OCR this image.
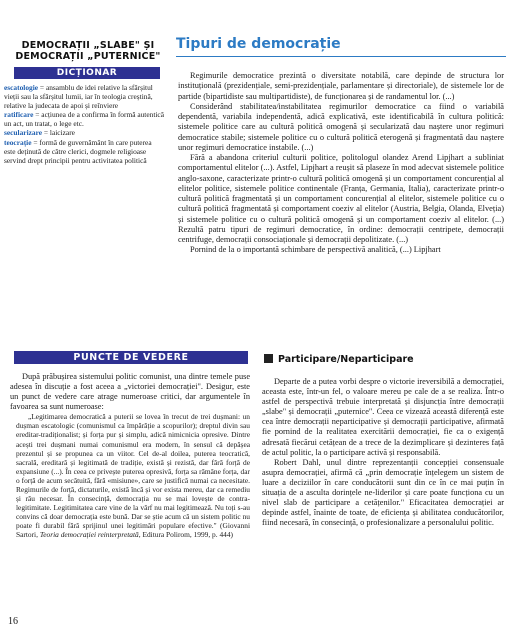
DEMOCRAȚII „SLABE" ȘI
DEMOCRAȚII „PUTERNICE"
DICȚIONAR

escatologie = ansamblu de idei relative la sfârșitul vieții sau la sfârșitul lumii, iar în teologia creștină, relative la judecata de apoi și reînviere

ratificare = acțiunea de a confirma în formă autentică un act, un tratat, o lege etc.

secularizare = laicizare

teocrație = formă de guvernământ în care puterea este deținută de către clerici, dogmele religioase servind drept principii pentru activitatea politică

Tipuri de democrație

Regimurile democratice prezintă o diversitate notabilă, care depinde de structura lor instituțională (prezidențiale, semi-prezidențiale, parlamentare și directoriale), de sistemele lor de partide (bipartidiste sau multipartidiste), de funcționarea și de randamentul lor. (...)

Considerând stabilitatea/instabilitatea regimurilor democratice ca fiind o variabilă dependentă, variabila independentă, adică explicativă, este identificabilă în cultura politică: sistemele politice care au cultură politică omogenă și secularizată dau naștere unor regimuri democratice stabile; sistemele politice cu o cultură politică eterogenă și fragmentată dau naștere unor regimuri democratice instabile. (...)

Fără a abandona criteriul culturii politice, politologul olandez Arend Lipjhart a subliniat comportamentul elitelor (...). Astfel, Lipjhart a reușit să plaseze în mod adecvat sistemele politice anglo-saxone, caracterizate printr-o cultură politică omogenă și un comportament concurențial al elitelor politice, sistemele politice continentale (Franța, Germania, Italia), caracterizate printr-o cultură politică fragmentată și un comportament concurențial al elitelor, sistemele politice cu o cultură politică fragmentată și comportament coeziv al elitelor (Austria, Belgia, Olanda, Elveția) și sistemele politice cu o cultură politică omogenă și un comportament coeziv al elitelor. (...) Rezultă patru tipuri de regimuri democratice, în ordine: democrații centripete, democrații centrifuge, democrații consociaționale și democrații depolitizate. (...)

Pornind de la o importantă schimbare de perspectivă analitică, (...) Lipjhart

PUNCTE DE VEDERE

După prăbușirea sistemului politic comunist, una dintre temele puse adesea în discuție a fost aceea a „victoriei democrației". Desigur, este un punct de vedere care atrage numeroase critici, dar argumentele în favoarea sa sunt numeroase:

„Legitimarea democratică a puterii se lovea în trecut de trei dușmani: un dușman escatologic (comunismul ca împărăție a scopurilor); dreptul divin sau ereditar-tradiționalist; și forța pur și simplu, adică nimicnicia opresive. Dintre acești trei dușmani numai comunismul era modern, în sensul că depășea prezentul și se propunea ca un viitor. Cel de-al doilea, puterea teocratică, sacrală, ereditară și legitimată de tradiție, există și rezistă, dar fără forță de expansiune (...). În ceea ce privește puterea opresivă, forța sa rămâne forța, dar o forță de acum secătuită, fără «misiune», care se justifică numai ca necesitate. Regimurile de forță, dictaturile, există încă și vor exista mereu, dar ca remediu și rău necesar. În consecință, democrația nu se mai lovește de contra-legitimitate. Legitimitatea care vine de la vârf nu mai legitimează. Nu toți s-au convins că doar democrația este bună. Dar se știe acum că un sistem politic nu poate fi durabil fără sprijinul unei legitimări populare efective." (Giovanni Sartori, Teoria democrației reinterpretată, Editura Polirom, 1999, p. 444)

Participare/Neparticipare

Departe de a putea vorbi despre o victorie ireversibilă a democrației, aceasta este, într-un fel, o valoare mereu pe cale de a se realiza. Într-o astfel de perspectivă trebuie interpretată și disjuncția între democrații „slabe" și democrații „puternice". Ceea ce vizează această diferență este cea între democrații neparticipative și democrații participative, afirmată fie pornind de la realitatea exercitării democrației, fie ca o exigență adresată fiecărui cetățean de a trece de la dezimplicare și dezinteres față de actul politic, la o participare activă și responsabilă.

Robert Dahl, unul dintre reprezentanții concepției consensuale asupra democrației, afirmă că „prin democrație înțelegem un sistem de luare a deciziilor în care conducătorii sunt din ce în ce mai puțin în situația de a asculta dorințele ne-liderilor și care poate funcționa cu un nivel slab de participare a cetățenilor." Eficacitatea democrației ar depinde astfel, înainte de toate, de eficiența și abilitatea conducătorilor, fiind necesară, în consecință, o profesionalizare a personalului politic.

16
